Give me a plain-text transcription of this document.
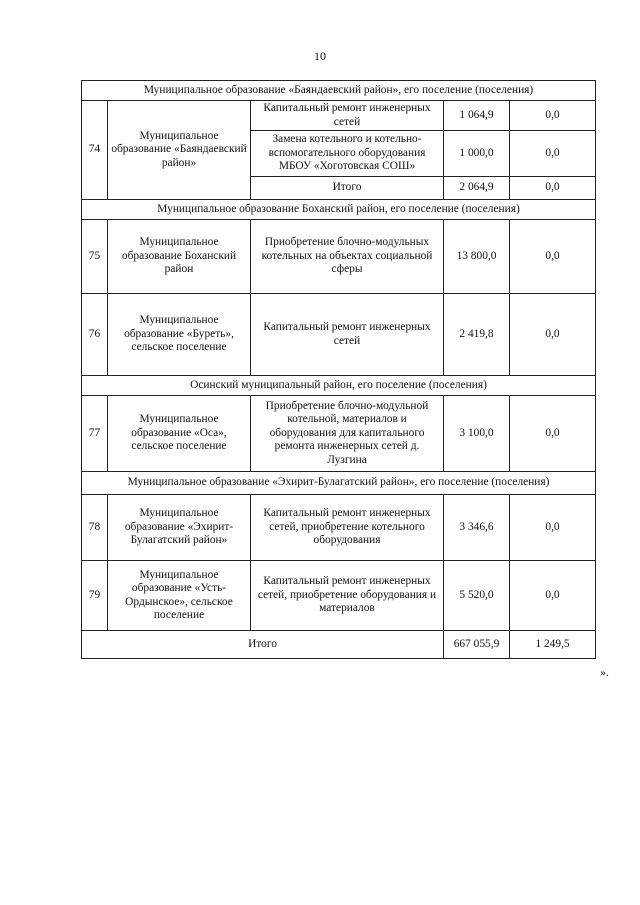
10
Муниципальное образование «Баяндаевский район», его поселение (поселения)				
74	Муниципальное образование «Баяндаевский район»	Капитальный ремонт инженерных сетей	1 064,9	0,0
		Замена котельного и котельно-вспомогательного оборудования МБОУ «Хоготовская СОШ»	1 000,0	0,0
		Итого	2 064,9	0,0
Муниципальное образование Боханский район, его поселение (поселения)				
75	Муниципальное образование Боханский район	Приобретение блочно-модульных котельных на объектах социальной сферы	13 800,0	0,0
76	Муниципальное образование «Буреть», сельское поселение	Капитальный ремонт инженерных сетей	2 419,8	0,0
Осинский муниципальный район, его поселение (поселения)				
77	Муниципальное образование «Оса», сельское поселение	Приобретение блочно-модульной котельной, материалов и оборудования для капитального ремонта инженерных сетей д. Лузгина	3 100,0	0,0
Муниципальное образование «Эхирит-Булагатский район», его поселение (поселения)				
78	Муниципальное образование «Эхирит-Булагатский район»	Капитальный ремонт инженерных сетей, приобретение котельного оборудования	3 346,6	0,0
79	Муниципальное образование «Усть-Ордынское», сельское поселение	Капитальный ремонт инженерных сетей, приобретение оборудования и материалов	5 520,0	0,0
Итого			667 055,9	1 249,5
».
